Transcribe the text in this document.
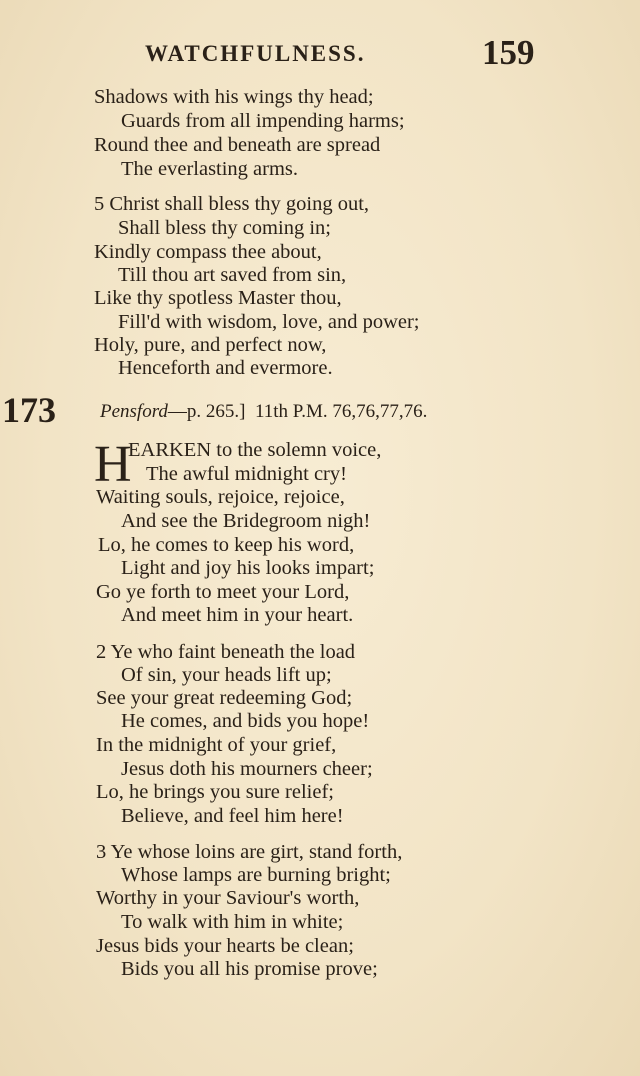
WATCHFULNESS.	159
Shadows with his wings thy head;
Guards from all impending harms;
Round thee and beneath are spread
The everlasting arms.
5 Christ shall bless thy going out,
Shall bless thy coming in;
Kindly compass thee about,
Till thou art saved from sin,
Like thy spotless Master thou,
Fill'd with wisdom, love, and power;
Holy, pure, and perfect now,
Henceforth and evermore.
173 Pensford—p. 265.] 11th P.M. 76,76,77,76.
H
EARKEN to the solemn voice,
The awful midnight cry!
Waiting souls, rejoice, rejoice,
And see the Bridegroom nigh!
Lo, he comes to keep his word,
Light and joy his looks impart;
Go ye forth to meet your Lord,
And meet him in your heart.
2 Ye who faint beneath the load
Of sin, your heads lift up;
See your great redeeming God;
He comes, and bids you hope!
In the midnight of your grief,
Jesus doth his mourners cheer;
Lo, he brings you sure relief;
Believe, and feel him here!
3 Ye whose loins are girt, stand forth,
Whose lamps are burning bright;
Worthy in your Saviour's worth,
To walk with him in white;
Jesus bids your hearts be clean;
Bids you all his promise prove;
